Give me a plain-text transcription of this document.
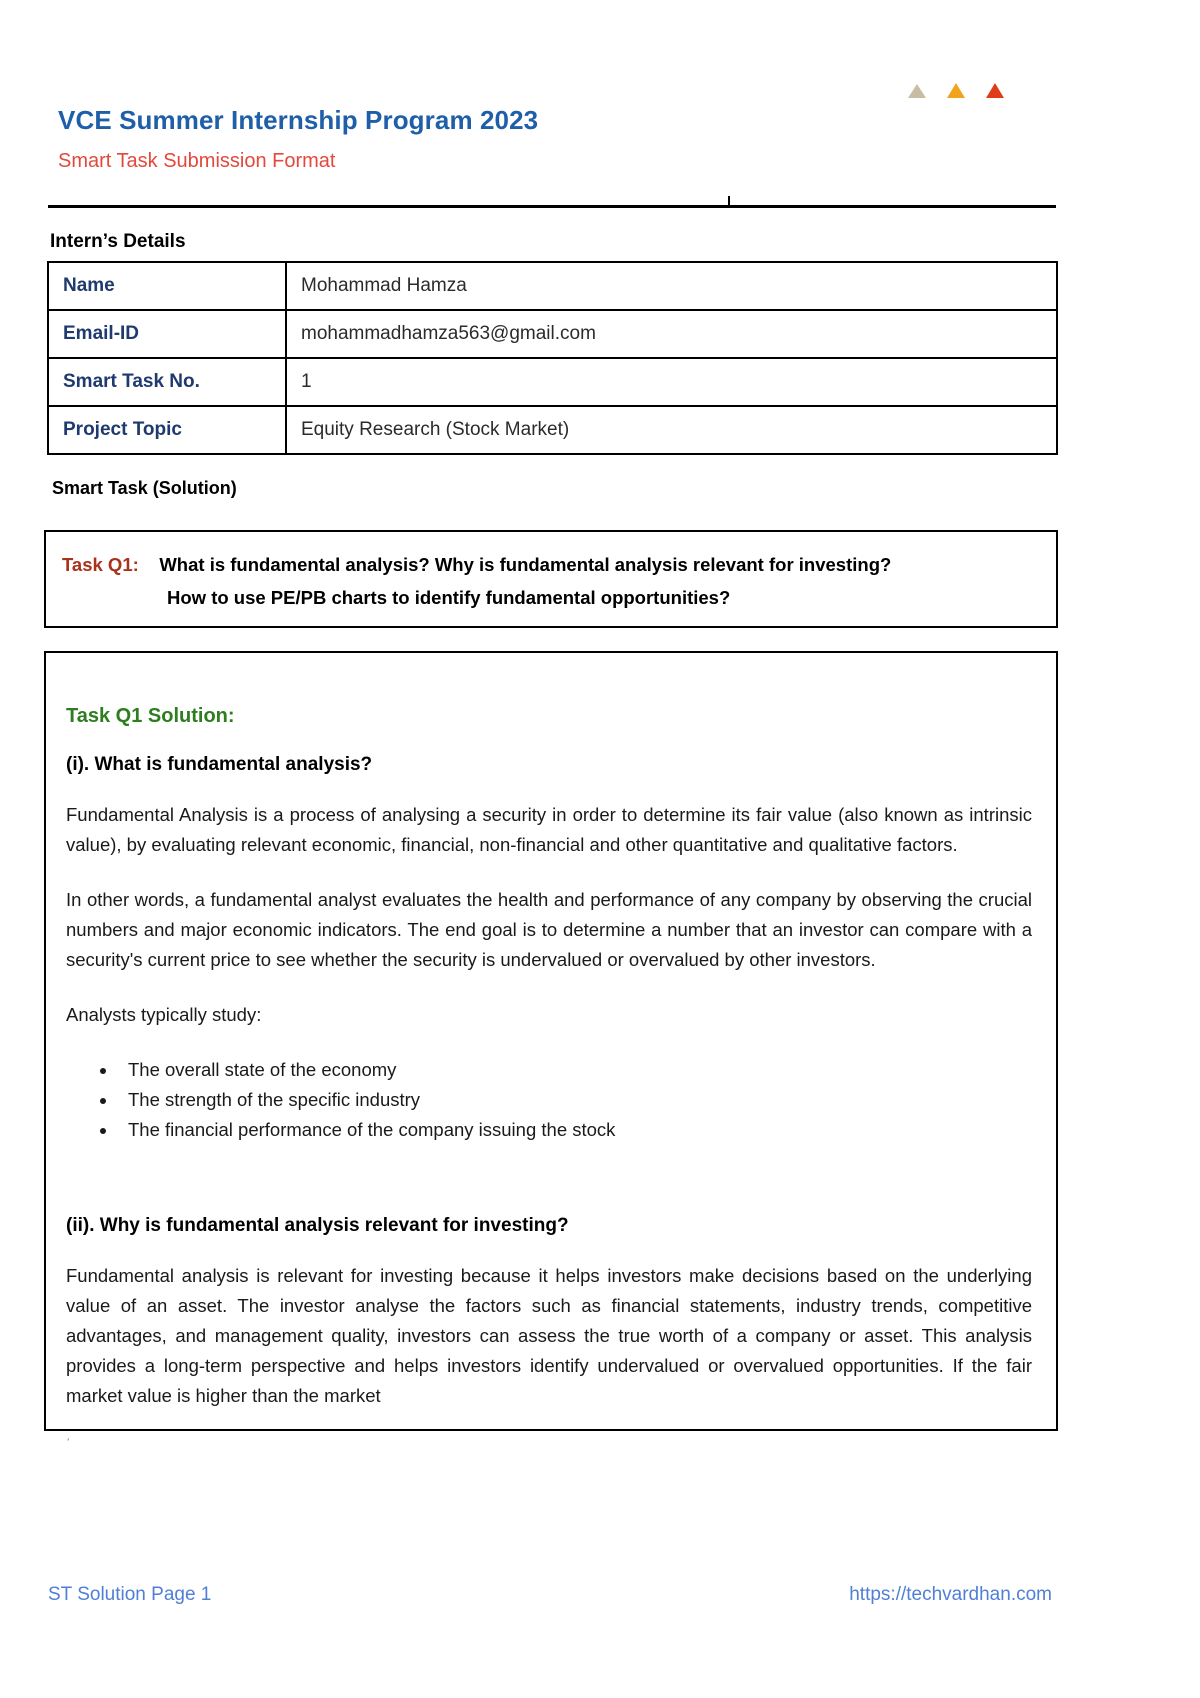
VCE Summer Internship Program 2023
Smart Task Submission Format
Intern’s Details
Name	Mohammad Hamza
Email-ID	mohammadhamza563@gmail.com
Smart Task No.	1
Project Topic	Equity Research (Stock Market)
Smart Task (Solution)
Task Q1: What is fundamental analysis? Why is fundamental analysis relevant for investing?
How to use PE/PB charts to identify fundamental opportunities?
Task Q1 Solution:
(i). What is fundamental analysis?

Fundamental Analysis is a process of analysing a security in order to determine its fair value (also known as intrinsic value), by evaluating relevant economic, financial, non-financial and other quantitative and qualitative factors.

In other words, a fundamental analyst evaluates the health and performance of any company by observing the crucial numbers and major economic indicators. The end goal is to determine a number that an investor can compare with a security's current price to see whether the security is undervalued or overvalued by other investors.

Analysts typically study:

• The overall state of the economy
• The strength of the specific industry
• The financial performance of the company issuing the stock
(ii). Why is fundamental analysis relevant for investing?

Fundamental analysis is relevant for investing because it helps investors make decisions based on the underlying value of an asset. The investor analyse the factors such as financial statements, industry trends, competitive advantages, and management quality, investors can assess the true worth of a company or asset. This analysis provides a long-term perspective and helps investors identify undervalued or overvalued opportunities. If the fair market value is higher than the market

ˈ
ST Solution Page 1	https://techvardhan.com
